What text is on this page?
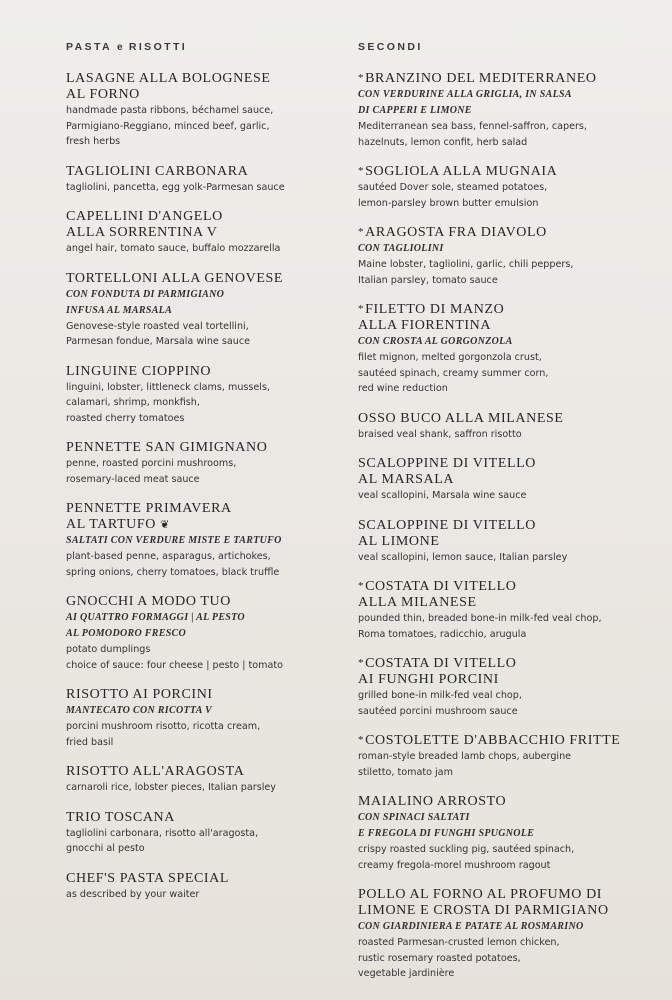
PASTA e RISOTTI
LASAGNE ALLA BOLOGNESE
AL FORNO
handmade pasta ribbons, béchamel sauce,
Parmigiano-Reggiano, minced beef, garlic,
fresh herbs
TAGLIOLINI CARBONARA
tagliolini, pancetta, egg yolk-Parmesan sauce
CAPELLINI D'ANGELO
ALLA SORRENTINA V
angel hair, tomato sauce, buffalo mozzarella
TORTELLONI ALLA GENOVESE
CON FONDUTA DI PARMIGIANO
INFUSA AL MARSALA
Genovese-style roasted veal tortellini,
Parmesan fondue, Marsala wine sauce
LINGUINE CIOPPINO
linguini, lobster, littleneck clams, mussels,
calamari, shrimp, monkfish,
roasted cherry tomatoes
PENNETTE SAN GIMIGNANO
penne, roasted porcini mushrooms,
rosemary-laced meat sauce
PENNETTE PRIMAVERA
AL TARTUFO ❦
SALTATI CON VERDURE MISTE E TARTUFO
plant-based penne, asparagus, artichokes,
spring onions, cherry tomatoes, black truffle
GNOCCHI A MODO TUO
AI QUATTRO FORMAGGI | AL PESTO
AL POMODORO FRESCO
potato dumplings
choice of sauce: four cheese | pesto | tomato
RISOTTO AI PORCINI
MANTECATO CON RICOTTA V
porcini mushroom risotto, ricotta cream,
fried basil
RISOTTO ALL'ARAGOSTA
carnaroli rice, lobster pieces, Italian parsley
TRIO TOSCANA
tagliolini carbonara, risotto all'aragosta,
gnocchi al pesto
CHEF'S PASTA SPECIAL
as described by your waiter
SECONDI
*BRANZINO DEL MEDITERRANEO
CON VERDURINE ALLA GRIGLIA, IN SALSA
DI CAPPERI E LIMONE
Mediterranean sea bass, fennel-saffron, capers,
hazelnuts, lemon confit, herb salad
*SOGLIOLA ALLA MUGNAIA
sautéed Dover sole, steamed potatoes,
lemon-parsley brown butter emulsion
*ARAGOSTA FRA DIAVOLO
CON TAGLIOLINI
Maine lobster, tagliolini, garlic, chili peppers,
Italian parsley, tomato sauce
*FILETTO DI MANZO
ALLA FIORENTINA
CON CROSTA AL GORGONZOLA
filet mignon, melted gorgonzola crust,
sautéed spinach, creamy summer corn,
red wine reduction
OSSO BUCO ALLA MILANESE
braised veal shank, saffron risotto
SCALOPPINE DI VITELLO
AL MARSALA
veal scallopini, Marsala wine sauce
SCALOPPINE DI VITELLO
AL LIMONE
veal scallopini, lemon sauce, Italian parsley
*COSTATA DI VITELLO
ALLA MILANESE
pounded thin, breaded bone-in milk-fed veal chop,
Roma tomatoes, radicchio, arugula
*COSTATA DI VITELLO
AI FUNGHI PORCINI
grilled bone-in milk-fed veal chop,
sautéed porcini mushroom sauce
*COSTOLETTE D'ABBACCHIO FRITTE
roman-style breaded lamb chops, aubergine
stiletto, tomato jam
MAIALINO ARROSTO
CON SPINACI SALTATI
E FREGOLA DI FUNGHI SPUGNOLE
crispy roasted suckling pig, sautéed spinach,
creamy fregola-morel mushroom ragout
POLLO AL FORNO AL PROFUMO DI
LIMONE E CROSTA DI PARMIGIANO
CON GIARDINIERA E PATATE AL ROSMARINO
roasted Parmesan-crusted lemon chicken,
rustic rosemary roasted potatoes,
vegetable jardinière
